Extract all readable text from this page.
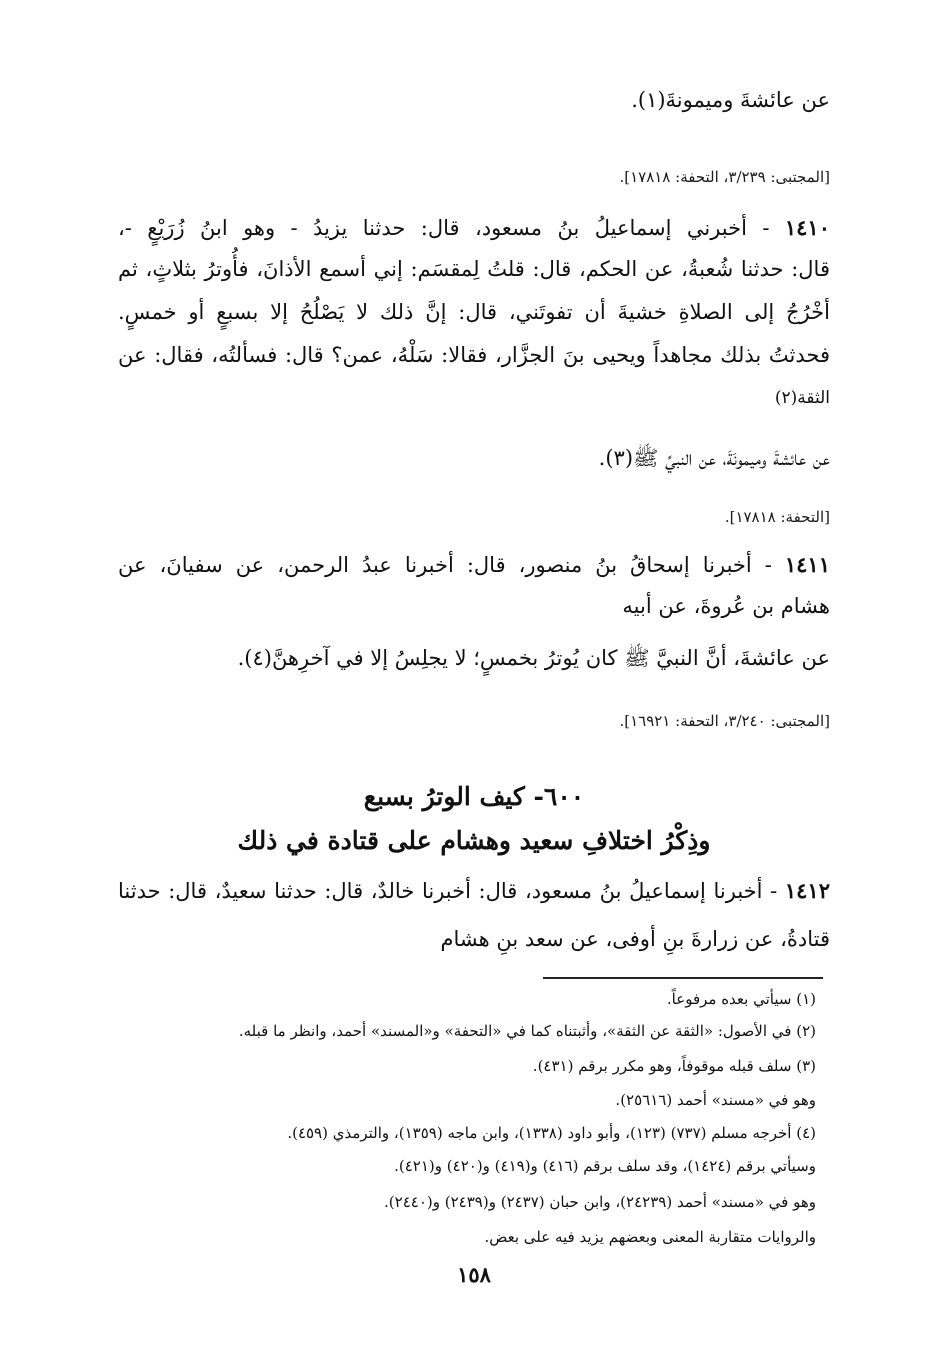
عن عائشةَ وميمونةَ(١).
[المجتبى: ٣/٢٣٩، التحفة: ١٧٨١٨].
١٤١٠ - أخبرني إسماعيلُ بنُ مسعود، قال: حدثنا يزيدُ - وهو ابنُ زُرَيْعٍ -،
قال: حدثنا شُعبةُ، عن الحكم، قال: قلتُ لِمقسَم: إني أسمع الأذانَ، فأُوترُ بثلاثٍ، ثم
أخْرُجُ إلى الصلاةِ خشيةَ أن تفوتَني، قال: إنَّ ذلك لا يَصْلُحُ إلا بسبعٍ أو خمسٍ.
فحدثتُ بذلك مجاهداً ويحيى بنَ الجزَّار، فقالا: سَلْهُ، عمن؟ قال: فسألتُه، فقال: عن
الثقة(٢)
عن عائشةَ وميمونَةَ، عن النبيِّ ﷺ(٣).
[التحفة: ١٧٨١٨].
١٤١١ - أخبرنا إسحاقُ بنُ منصور، قال: أخبرنا عبدُ الرحمن، عن سفيانَ، عن
هشام بن عُروةَ، عن أبيه
عن عائشةَ، أنَّ النبيَّ ﷺ كان يُوترُ بخمسٍ؛ لا يجلِسُ إلا في آخرِهنَّ(٤).
[المجتبى: ٣/٢٤٠، التحفة: ١٦٩٢١].
٦٠٠- كيف الوترُ بسبع
وذِكْرُ اختلافِ سعيد وهشام على قتادة في ذلك
١٤١٢ - أخبرنا إسماعيلُ بنُ مسعود، قال: أخبرنا خالدٌ، قال: حدثنا سعيدٌ، قال: حدثنا
قتادةُ، عن زرارةَ بنِ أوفى، عن سعد بنِ هشام
(١) سيأتي بعده مرفوعاً.
(٢) في الأصول: «الثقة عن الثقة»، وأثبتناه كما في «التحفة» و«المسند» أحمد، وانظر ما قبله.
(٣) سلف قبله موقوفاً، وهو مكرر برقم (٤٣١).
وهو في «مسند» أحمد (٢٥٦١٦).
(٤) أخرجه مسلم (٧٣٧) (١٢٣)، وأبو داود (١٣٣٨)، وابن ماجه (١٣٥٩)، والترمذي (٤٥٩).
وسيأتي برقم (١٤٢٤)، وقد سلف برقم (٤١٦) و(٤١٩) و(٤٢٠) و(٤٢١).
وهو في «مسند» أحمد (٢٤٢٣٩)، وابن حبان (٢٤٣٧) و(٢٤٣٩) و(٢٤٤٠).
والروايات متقاربة المعنى وبعضهم يزيد فيه على بعض.
١٥٨
